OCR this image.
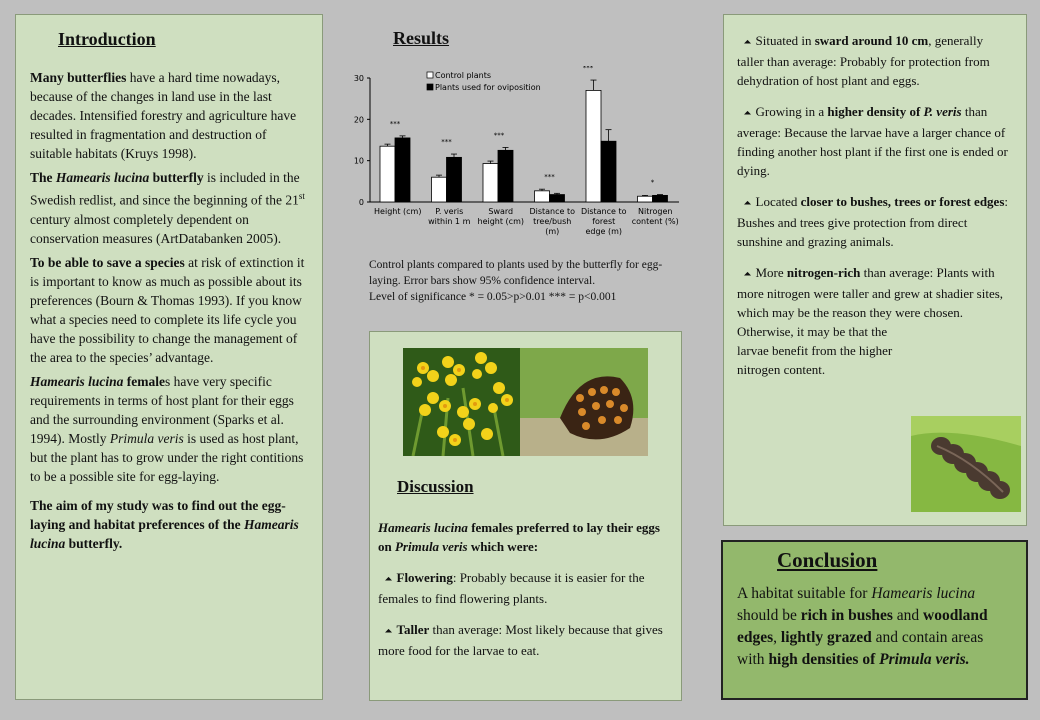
Introduction

Many butterflies have a hard time nowadays, because of the changes in land use in the last decades. Intensified forestry and agriculture have resulted in fragmentation and destruction of suitable habitats (Kruys 1998).

The Hamearis lucina butterfly is included in the Swedish redlist, and since the beginning of the 21st century almost completely dependent on conservation measures (ArtDatabanken 2005).

To be able to save a species at risk of extinction it is important to know as much as possible about its preferences (Bourn & Thomas 1993). If you know what a species need to complete its life cycle you have the possibility to change the management of the area to the species’ advantage.

Hamearis lucina females have very specific requirements in terms of host plant for their eggs and the surrounding environment (Sparks et al. 1994). Mostly Primula veris is used as host plant, but the plant has to grow under the right contitions to be a possible site for egg-laying.

The aim of my study was to find out the egg-laying and habitat preferences of the Hamearis lucina butterfly.

Results
0
10
20
30
***
Height (cm)
***
P. veris
within 1 m
***
Sward
height (cm)
***
Distance to
tree/bush
(m)
***
Distance to
forest
edge (m)
*
Nitrogen
content (%)
Control plants
Plants used for oviposition

Control plants compared to plants used by the butterfly for egg-laying. Error bars show 95% confidence interval.
Level of significance * = 0.05>p>0.01 *** = p<0.001

Discussion

Hamearis lucina females preferred to lay their eggs on Primula veris which were:

⏶ Flowering: Probably because it is easier for the females to find flowering plants.

⏶ Taller than average: Most likely because that gives more food for the larvae to eat.

⏶ Situated in sward around 10 cm, generally taller than average: Probably for protection from dehydration of host plant and eggs.

⏶ Growing in a higher density of P. veris than average: Because the larvae have a larger chance of finding another host plant if the first one is ended or dying.

⏶ Located closer to bushes, trees or forest edges: Bushes and trees give protection from direct sunshine and grazing animals.

⏶ More nitrogen-rich than average: Plants with more nitrogen were taller and grew at shadier sites, which may be the reason they were chosen.

Otherwise, it may be that the larvae benefit from the higher nitrogen content.

Conclusion

A habitat suitable for Hamearis lucina should be rich in bushes and woodland edges, lightly grazed and contain areas with high densities of Primula veris.
